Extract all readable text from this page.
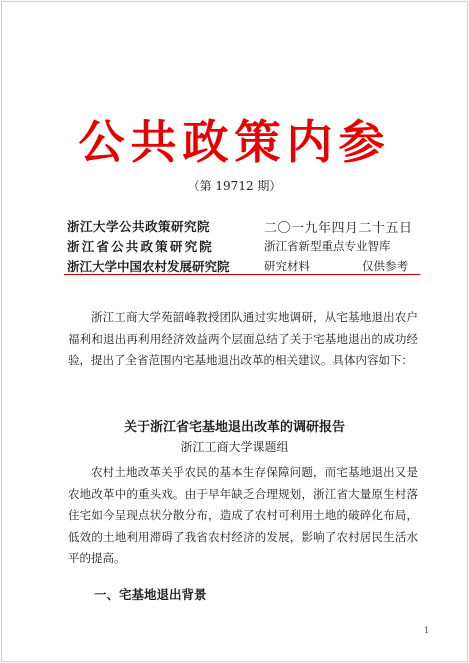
公共政策内参
（第 19712 期）
浙江大学公共政策研究院
浙江省公共政策研究院
浙江大学中国农村发展研究院
二〇一九年四月二十五日
浙江省新型重点专业智库
研究材料	仅供参考

浙江工商大学苑韶峰教授团队通过实地调研，从宅基地退出农户福利和退出再利用经济效益两个层面总结了关于宅基地退出的成功经验，提出了全省范围内宅基地退出改革的相关建议。具体内容如下：

关于浙江省宅基地退出改革的调研报告
浙江工商大学课题组

农村土地改革关乎农民的基本生存保障问题，而宅基地退出又是农地改革中的重头戏。由于早年缺乏合理规划，浙江省大量原生村落住宅如今呈现点状分散分布，造成了农村可利用土地的破碎化布局，低效的土地利用滞碍了我省农村经济的发展，影响了农村居民生活水平的提高。

一、宅基地退出背景
1
